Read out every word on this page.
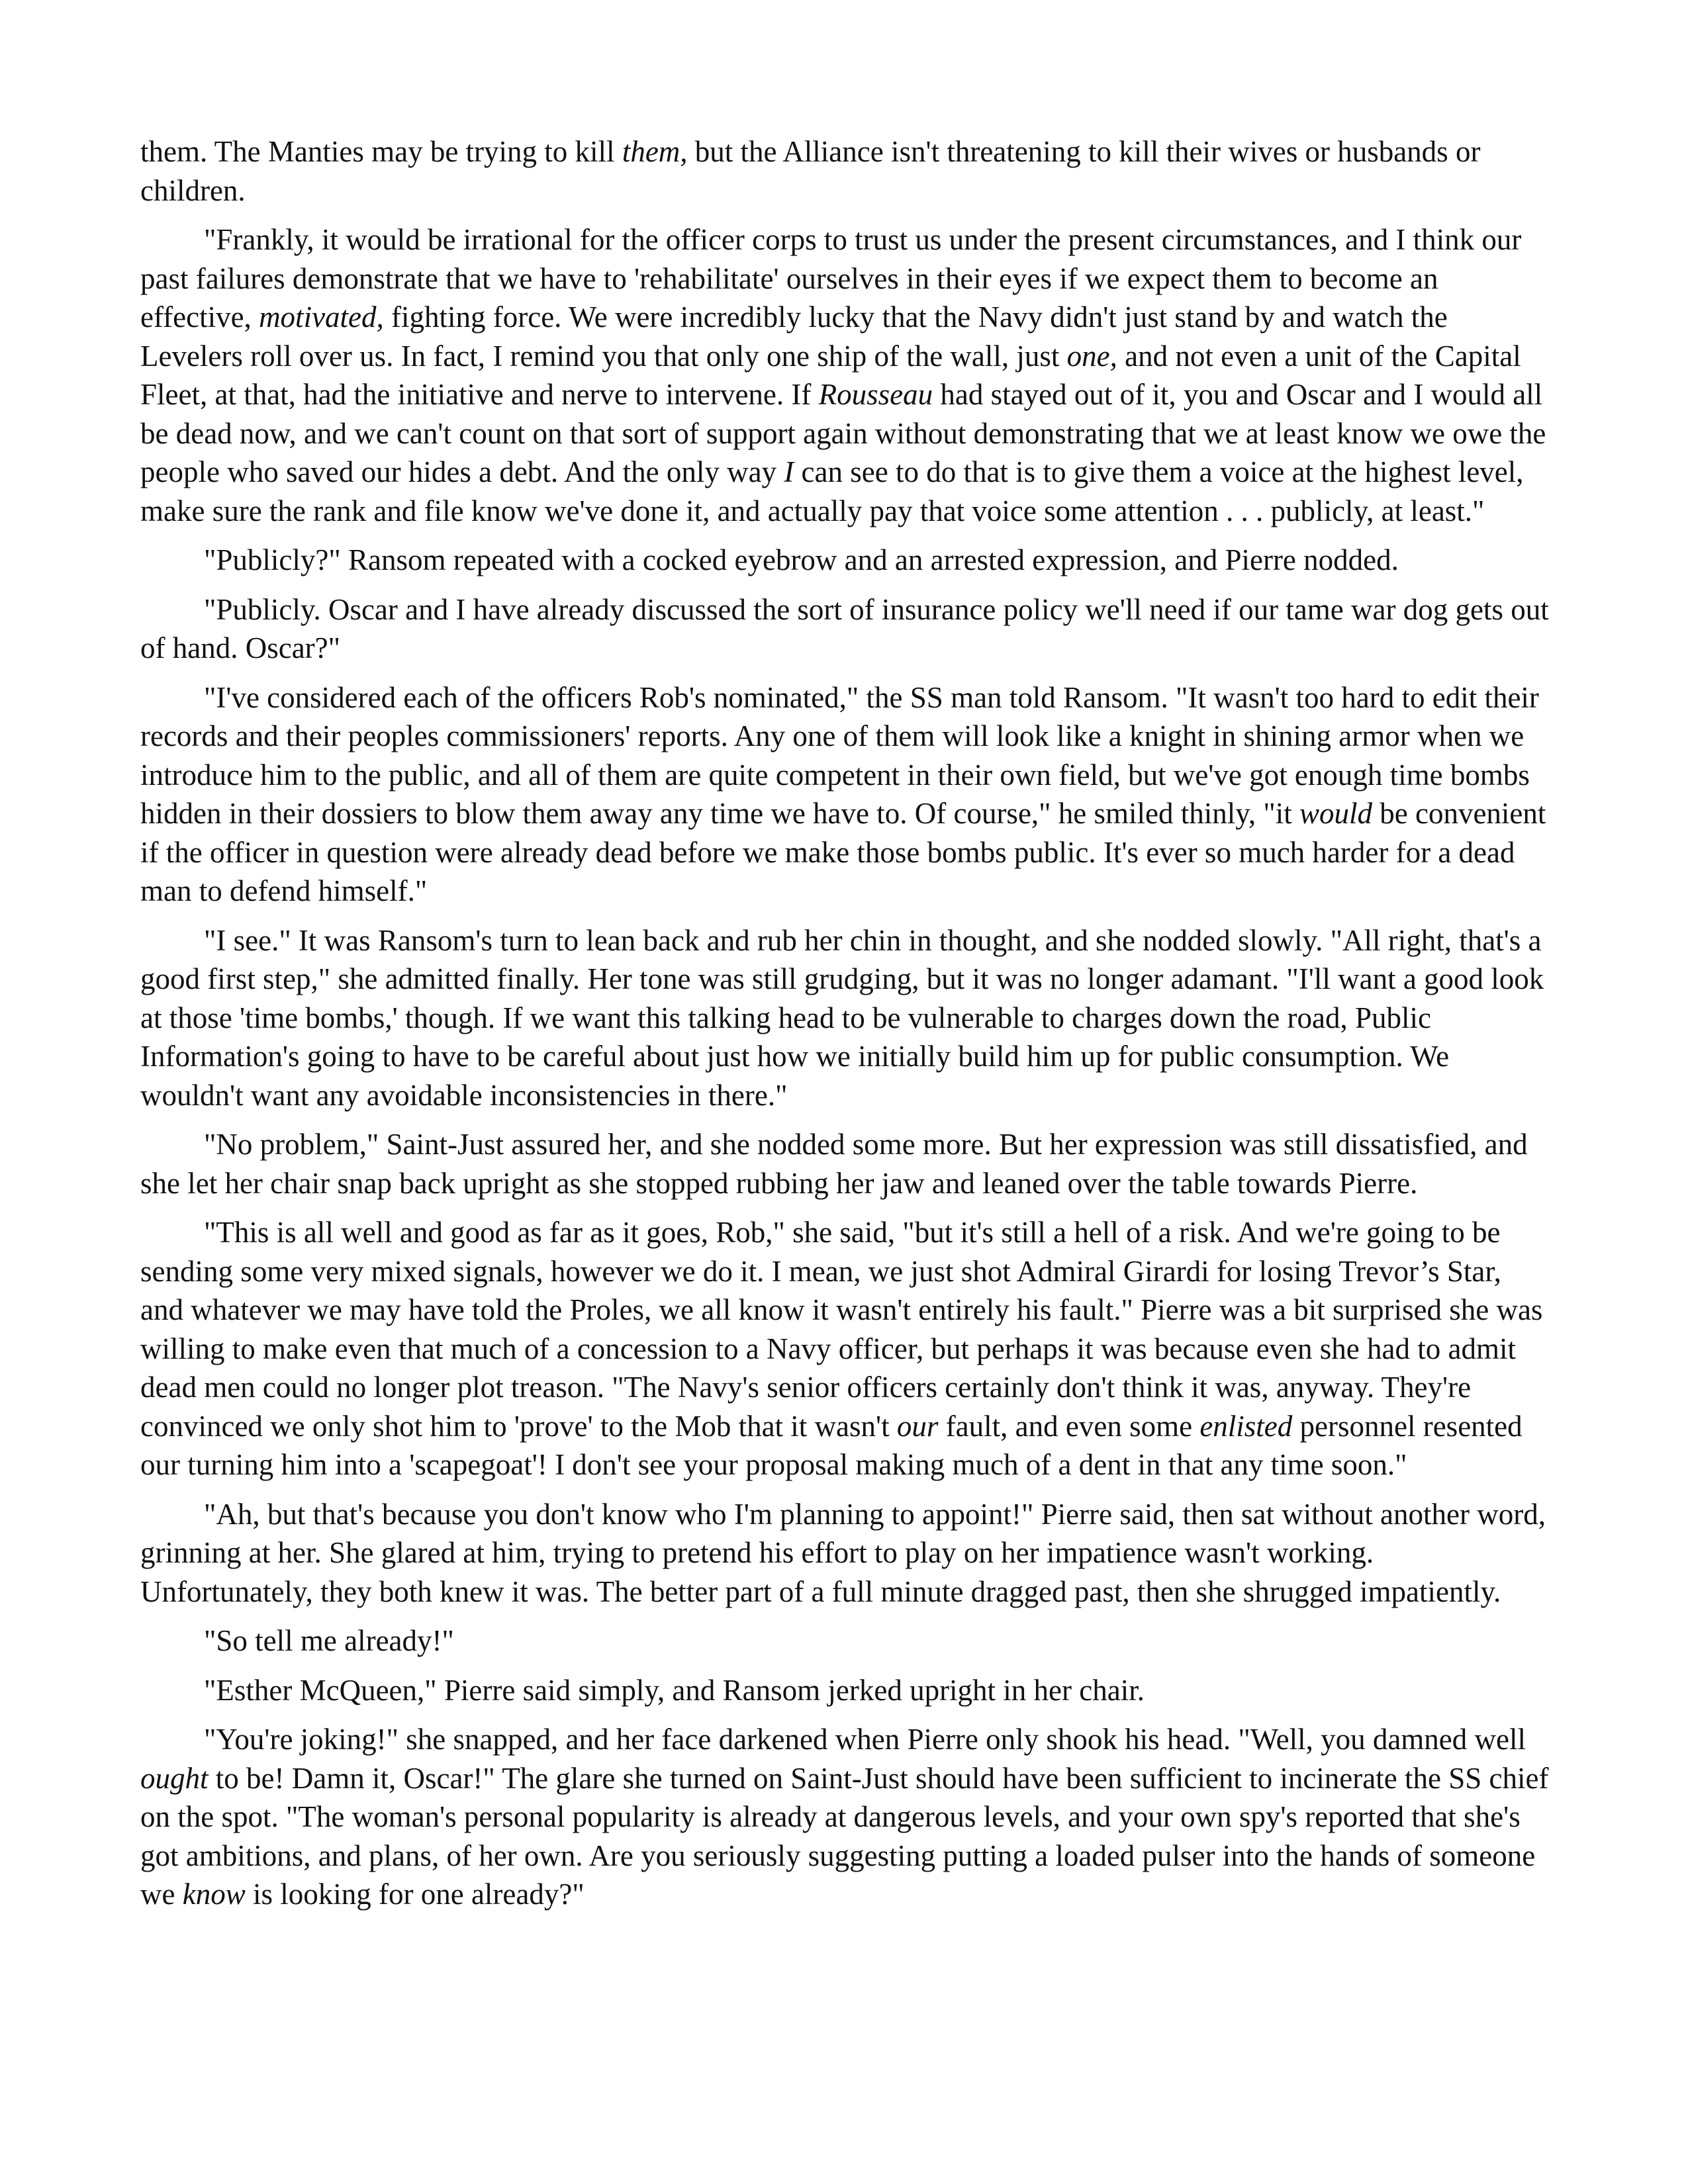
them. The Manties may be trying to kill them, but the Alliance isn't threatening to kill their wives or husbands or children.

"Frankly, it would be irrational for the officer corps to trust us under the present circumstances, and I think our past failures demonstrate that we have to 'rehabilitate' ourselves in their eyes if we expect them to become an effective, motivated, fighting force. We were incredibly lucky that the Navy didn't just stand by and watch the Levelers roll over us. In fact, I remind you that only one ship of the wall, just one, and not even a unit of the Capital Fleet, at that, had the initiative and nerve to intervene. If Rousseau had stayed out of it, you and Oscar and I would all be dead now, and we can't count on that sort of support again without demonstrating that we at least know we owe the people who saved our hides a debt. And the only way I can see to do that is to give them a voice at the highest level, make sure the rank and file know we've done it, and actually pay that voice some attention . . . publicly, at least."

"Publicly?" Ransom repeated with a cocked eyebrow and an arrested expression, and Pierre nodded.

"Publicly. Oscar and I have already discussed the sort of insurance policy we'll need if our tame war dog gets out of hand. Oscar?"

"I've considered each of the officers Rob's nominated," the SS man told Ransom. "It wasn't too hard to edit their records and their peoples commissioners' reports. Any one of them will look like a knight in shining armor when we introduce him to the public, and all of them are quite competent in their own field, but we've got enough time bombs hidden in their dossiers to blow them away any time we have to. Of course," he smiled thinly, "it would be convenient if the officer in question were already dead before we make those bombs public. It's ever so much harder for a dead man to defend himself."

"I see." It was Ransom's turn to lean back and rub her chin in thought, and she nodded slowly. "All right, that's a good first step," she admitted finally. Her tone was still grudging, but it was no longer adamant. "I'll want a good look at those 'time bombs,' though. If we want this talking head to be vulnerable to charges down the road, Public Information's going to have to be careful about just how we initially build him up for public consumption. We wouldn't want any avoidable inconsistencies in there."

"No problem," Saint-Just assured her, and she nodded some more. But her expression was still dissatisfied, and she let her chair snap back upright as she stopped rubbing her jaw and leaned over the table towards Pierre.

"This is all well and good as far as it goes, Rob," she said, "but it's still a hell of a risk. And we're going to be sending some very mixed signals, however we do it. I mean, we just shot Admiral Girardi for losing Trevor’s Star, and whatever we may have told the Proles, we all know it wasn't entirely his fault." Pierre was a bit surprised she was willing to make even that much of a concession to a Navy officer, but perhaps it was because even she had to admit dead men could no longer plot treason. "The Navy's senior officers certainly don't think it was, anyway. They're convinced we only shot him to 'prove' to the Mob that it wasn't our fault, and even some enlisted personnel resented our turning him into a 'scapegoat'! I don't see your proposal making much of a dent in that any time soon."

"Ah, but that's because you don't know who I'm planning to appoint!" Pierre said, then sat without another word, grinning at her. She glared at him, trying to pretend his effort to play on her impatience wasn't working. Unfortunately, they both knew it was. The better part of a full minute dragged past, then she shrugged impatiently.

"So tell me already!"

"Esther McQueen," Pierre said simply, and Ransom jerked upright in her chair.

"You're joking!" she snapped, and her face darkened when Pierre only shook his head. "Well, you damned well ought to be! Damn it, Oscar!" The glare she turned on Saint-Just should have been sufficient to incinerate the SS chief on the spot. "The woman's personal popularity is already at dangerous levels, and your own spy's reported that she's got ambitions, and plans, of her own. Are you seriously suggesting putting a loaded pulser into the hands of someone we know is looking for one already?"
